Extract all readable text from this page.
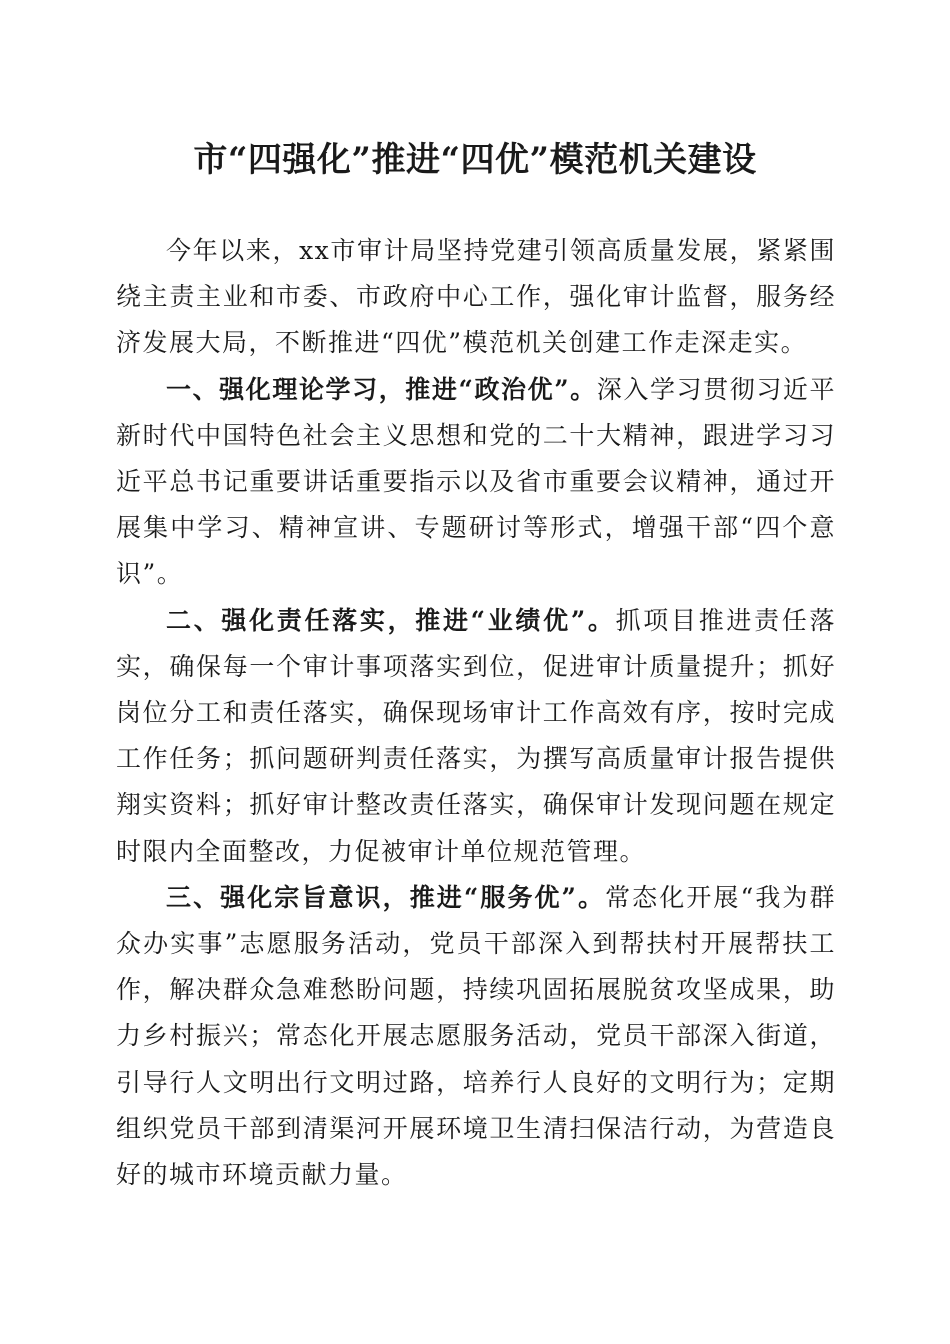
市“四强化”推进“四优”模范机关建设

今年以来，xx市审计局坚持党建引领高质量发展，紧紧围绕主责主业和市委、市政府中心工作，强化审计监督，服务经济发展大局，不断推进“四优”模范机关创建工作走深走实。

一、强化理论学习，推进“政治优”。深入学习贯彻习近平新时代中国特色社会主义思想和党的二十大精神，跟进学习习近平总书记重要讲话重要指示以及省市重要会议精神，通过开展集中学习、精神宣讲、专题研讨等形式，增强干部“四个意识”。

二、强化责任落实，推进“业绩优”。抓项目推进责任落实，确保每一个审计事项落实到位，促进审计质量提升；抓好岗位分工和责任落实，确保现场审计工作高效有序，按时完成工作任务；抓问题研判责任落实，为撰写高质量审计报告提供翔实资料；抓好审计整改责任落实，确保审计发现问题在规定时限内全面整改，力促被审计单位规范管理。

三、强化宗旨意识，推进“服务优”。常态化开展“我为群众办实事”志愿服务活动，党员干部深入到帮扶村开展帮扶工作，解决群众急难愁盼问题，持续巩固拓展脱贫攻坚成果，助力乡村振兴；常态化开展志愿服务活动，党员干部深入街道，引导行人文明出行文明过路，培养行人良好的文明行为；定期组织党员干部到清渠河开展环境卫生清扫保洁行动，为营造良好的城市环境贡献力量。
